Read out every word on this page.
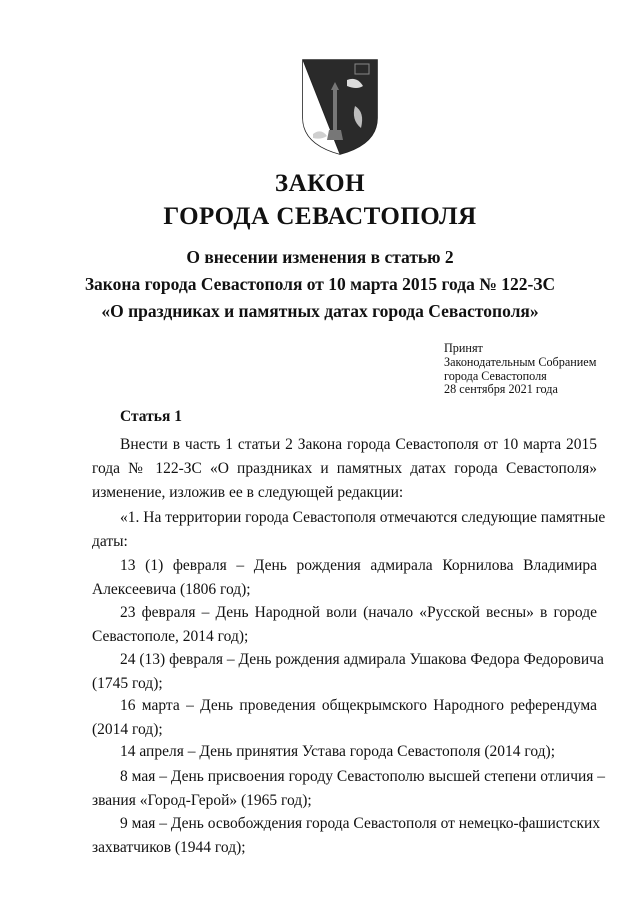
ЗАКОН
ГОРОДА СЕВАСТОПОЛЯ
О внесении изменения в статью 2
Закона города Севастополя от 10 марта 2015 года № 122-ЗС
«О праздниках и памятных датах города Севастополя»
Принят
Законодательным Собранием
города Севастополя
28 сентября 2021 года
Статья 1
Внести в часть 1 статьи 2 Закона города Севастополя от 10 марта 2015
года № 122-ЗС «О праздниках и памятных датах города Севастополя»
изменение, изложив ее в следующей редакции:
«1. На территории города Севастополя отмечаются следующие памятные
даты:
13 (1) февраля – День рождения адмирала Корнилова Владимира
Алексеевича (1806 год);
23 февраля – День Народной воли (начало «Русской весны» в городе
Севастополе, 2014 год);
24 (13) февраля – День рождения адмирала Ушакова Федора Федоровича
(1745 год);
16 марта – День проведения общекрымского Народного референдума
(2014 год);
14 апреля – День принятия Устава города Севастополя (2014 год);
8 мая – День присвоения городу Севастополю высшей степени отличия –
звания «Город-Герой» (1965 год);
9 мая – День освобождения города Севастополя от немецко-фашистских
захватчиков (1944 год);
